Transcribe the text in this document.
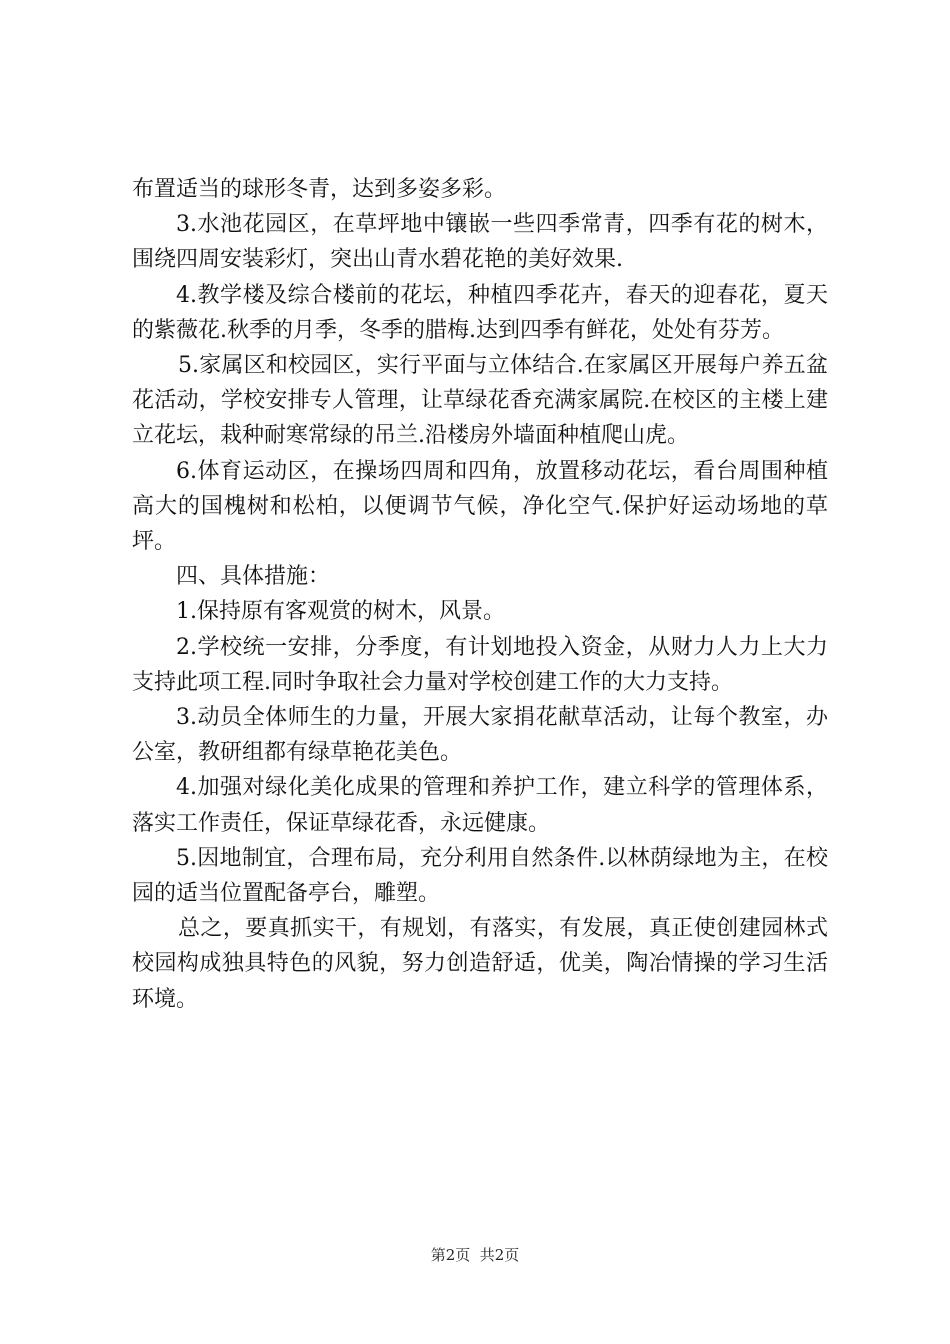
布置适当的球形冬青，达到多姿多彩。

3.水池花园区，在草坪地中镶嵌一些四季常青，四季有花的树木，围绕四周安装彩灯，突出山青水碧花艳的美好效果.

4.教学楼及综合楼前的花坛，种植四季花卉，春天的迎春花，夏天的紫薇花.秋季的月季，冬季的腊梅.达到四季有鲜花，处处有芬芳。

5.家属区和校园区，实行平面与立体结合.在家属区开展每户养五盆花活动，学校安排专人管理，让草绿花香充满家属院.在校区的主楼上建立花坛，栽种耐寒常绿的吊兰.沿楼房外墙面种植爬山虎。

6.体育运动区，在操场四周和四角，放置移动花坛，看台周围种植高大的国槐树和松柏，以便调节气候，净化空气.保护好运动场地的草坪。

四、具体措施：

1.保持原有客观赏的树木，风景。

2.学校统一安排，分季度，有计划地投入资金，从财力人力上大力支持此项工程.同时争取社会力量对学校创建工作的大力支持。

3.动员全体师生的力量，开展大家捐花献草活动，让每个教室，办公室，教研组都有绿草艳花美色。

4.加强对绿化美化成果的管理和养护工作，建立科学的管理体系，落实工作责任，保证草绿花香，永远健康。

5.因地制宜，合理布局，充分利用自然条件.以林荫绿地为主，在校园的适当位置配备亭台，雕塑。

总之，要真抓实干，有规划，有落实，有发展，真正使创建园林式校园构成独具特色的风貌，努力创造舒适，优美，陶冶情操的学习生活环境。

第2页  共2页
